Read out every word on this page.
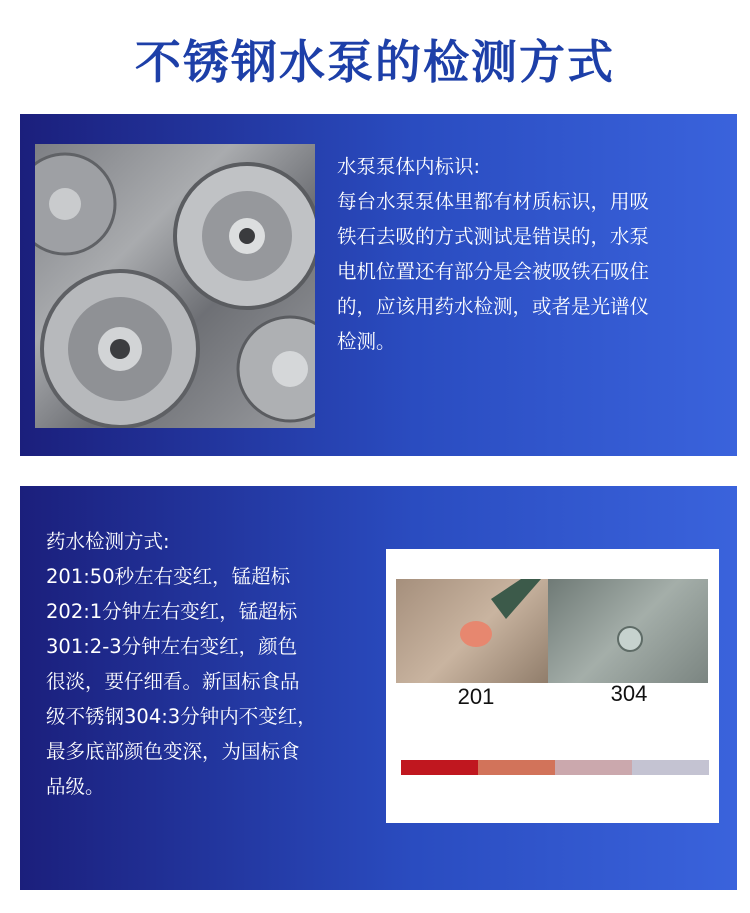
不锈钢水泵的检测方式
水泵泵体内标识:
每台水泵泵体里都有材质标识，用吸
铁石去吸的方式测试是错误的，水泵
电机位置还有部分是会被吸铁石吸住
的，应该用药水检测，或者是光谱仪
检测。
药水检测方式:
201:50秒左右变红，锰超标
202:1分钟左右变红，锰超标
301:2-3分钟左右变红，颜色
很淡，要仔细看。新国标食品
级不锈钢304:3分钟内不变红，
最多底部颜色变深，为国标食
品级。
201	304
